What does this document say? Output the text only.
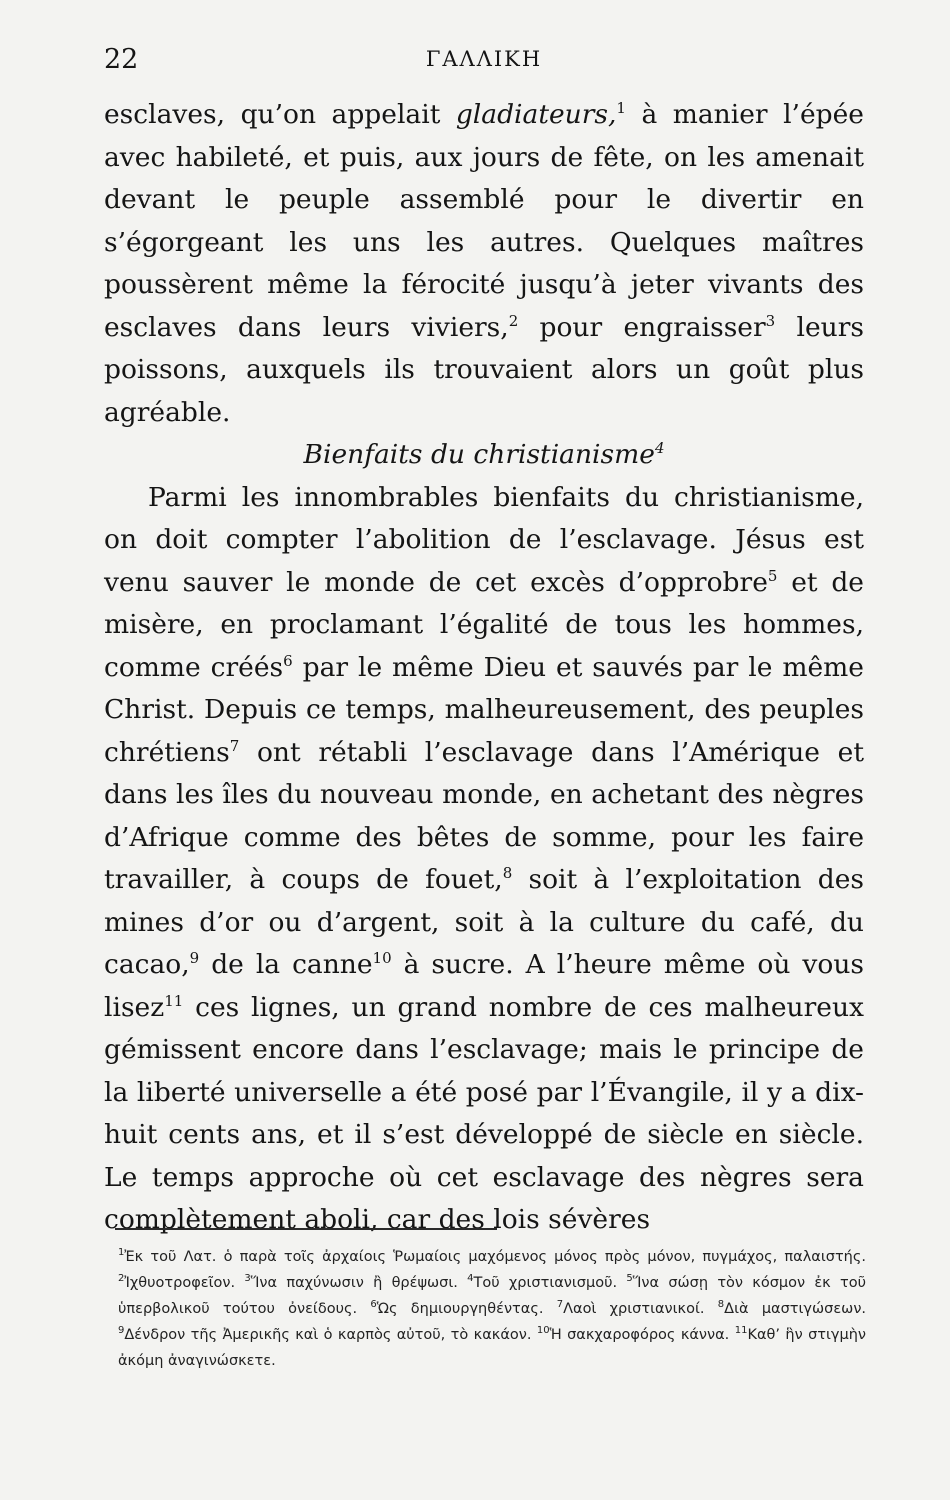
22	ΓΑΛΛΙΚΗ

esclaves, qu’on appelait gladiateurs,$^1$ à manier l’épée avec habileté, et puis, aux jours de fête, on les amenait devant le peuple assemblé pour le divertir en s’égorgeant les uns les autres. Quelques maîtres poussèrent même la férocité jusqu’à jeter vivants des esclaves dans leurs viviers,$^2$ pour engraisser$^3$ leurs poissons, auxquels ils trouvaient alors un goût plus agréable.

Bienfaits du christianisme$^4$

Parmi les innombrables bienfaits du christianisme, on doit compter l’abolition de l’esclavage. Jésus est venu sauver le monde de cet excès d’opprobre$^5$ et de misère, en proclamant l’égalité de tous les hommes, comme créés$^6$ par le même Dieu et sauvés par le même Christ. Depuis ce temps, malheureusement, des peuples chrétiens$^7$ ont rétabli l’esclavage dans l’Amérique et dans les îles du nouveau monde, en achetant des nègres d’Afrique comme des bêtes de somme, pour les faire travailler, à coups de fouet,$^8$ soit à l’exploitation des mines d’or ou d’argent, soit à la culture du café, du cacao,$^9$ de la canne$^{10}$ à sucre. A l’heure même où vous lisez$^{11}$ ces lignes, un grand nombre de ces malheureux gémissent encore dans l’esclavage; mais le principe de la liberté universelle a été posé par l’Évangile, il y a dix-huit cents ans, et il s’est développé de siècle en siècle. Le temps approche où cet esclavage des nègres sera complètement aboli, car des lois sévères

$^1$Ἐκ τοῦ Λατ. ὁ παρὰ τοῖς ἀρχαίοις Ῥωμαίοις μαχόμενος μόνος πρὸς μόνον, πυγμάχος, παλαιστής. $^2$Ἰχθυοτροφεῖον. $^3$Ἵνα παχύνωσιν ἢ θρέψωσι. $^4$Τοῦ χριστιανισμοῦ. $^5$Ἵνα σώσῃ τὸν κόσμον ἐκ τοῦ ὑπερβολικοῦ τούτου ὀνείδους. $^6$Ὡς δημιουργηθέντας. $^7$Λαοὶ χριστιανικοί. $^8$Διὰ μαστιγώσεων. $^9$Δένδρον τῆς Ἀμερικῆς καὶ ὁ καρπὸς αὐτοῦ, τὸ κακάον. $^{10}$Ἡ σακχαροφόρος κάννα. $^{11}$Καθ’ ἣν στιγμὴν ἀκόμη ἀναγινώσκετε.
